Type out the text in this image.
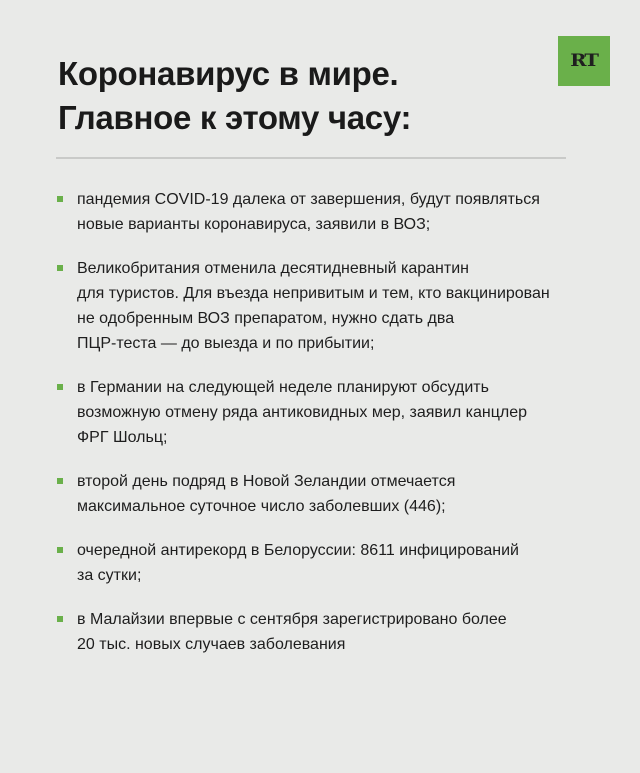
Коронавирус в мире.
Главное к этому часу:
RT
пандемия COVID-19 далека от завершения, будут появляться
новые варианты коронавируса, заявили в ВОЗ;
Великобритания отменила десятидневный карантин
для туристов. Для въезда непривитым и тем, кто вакцинирован
не одобренным ВОЗ препаратом, нужно сдать два
ПЦР-теста — до выезда и по прибытии;
в Германии на следующей неделе планируют обсудить
возможную отмену ряда антиковидных мер, заявил канцлер
ФРГ Шольц;
второй день подряд в Новой Зеландии отмечается
максимальное суточное число заболевших (446);
очередной антирекорд в Белоруссии: 8611 инфицирований
за сутки;
в Малайзии впервые с сентября зарегистрировано более
20 тыс. новых случаев заболевания
